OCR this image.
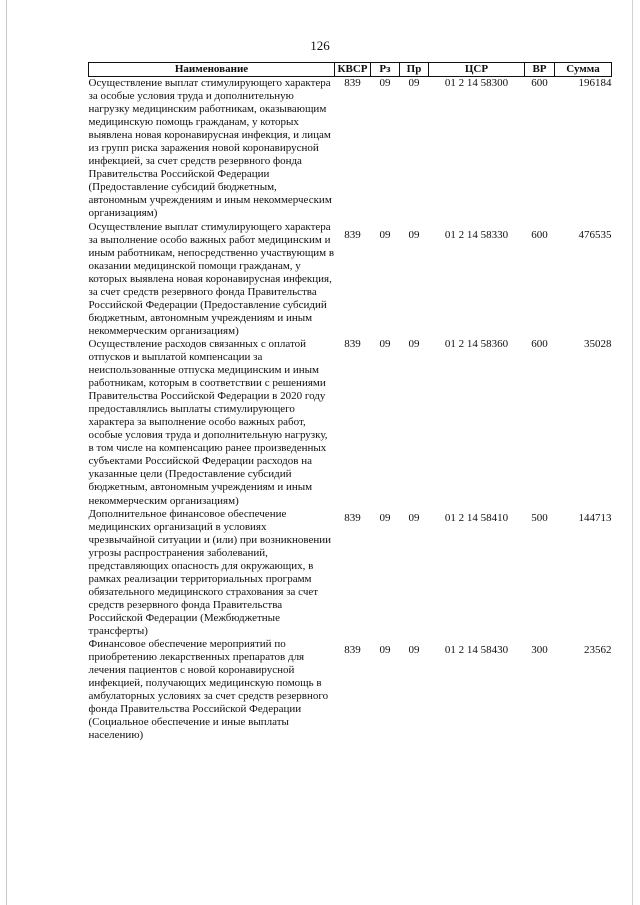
126
Наименование	КВСР	Рз	Пр	ЦСР	ВР	Сумма
Осуществление выплат стимулирующего характера за особые условия труда и дополнительную нагрузку медицинским работникам, оказывающим медицинскую помощь гражданам, у которых выявлена новая коронавирусная инфекция, и лицам из групп риска заражения новой коронавирусной инфекцией, за счет средств резервного фонда Правительства Российской Федерации (Предоставление субсидий бюджетным, автономным учреждениям и иным некоммерческим организациям)	839	09	09	01 2 14 58300	600	196184
Осуществление выплат стимулирующего характера за выполнение особо важных работ медицинским и иным работникам, непосредственно участвующим в оказании медицинской помощи гражданам, у которых выявлена новая коронавирусная инфекция, за счет средств резервного фонда Правительства Российской Федерации (Предоставление субсидий бюджетным, автономным учреждениям и иным некоммерческим организациям)	839	09	09	01 2 14 58330	600	476535
Осуществление расходов связанных с оплатой отпусков и выплатой компенсации за неиспользованные отпуска медицинским и иным работникам, которым в соответствии с решениями Правительства Российской Федерации в 2020 году предоставлялись выплаты стимулирующего характера за выполнение особо важных работ, особые условия труда и дополнительную нагрузку, в том числе на компенсацию ранее произведенных субъектами Российской Федерации расходов на указанные цели (Предоставление субсидий бюджетным, автономным учреждениям и иным некоммерческим организациям)	839	09	09	01 2 14 58360	600	35028
Дополнительное финансовое обеспечение медицинских организаций в условиях чрезвычайной ситуации и (или) при возникновении угрозы распространения заболеваний, представляющих опасность для окружающих, в рамках реализации территориальных программ обязательного медицинского страхования за счет средств резервного фонда Правительства Российской Федерации (Межбюджетные трансферты)	839	09	09	01 2 14 58410	500	144713
Финансовое обеспечение мероприятий по приобретению лекарственных препаратов для лечения пациентов с новой коронавирусной инфекцией, получающих медицинскую помощь в амбулаторных условиях за счет средств резервного фонда Правительства Российской Федерации (Социальное обеспечение и иные выплаты населению)	839	09	09	01 2 14 58430	300	23562
